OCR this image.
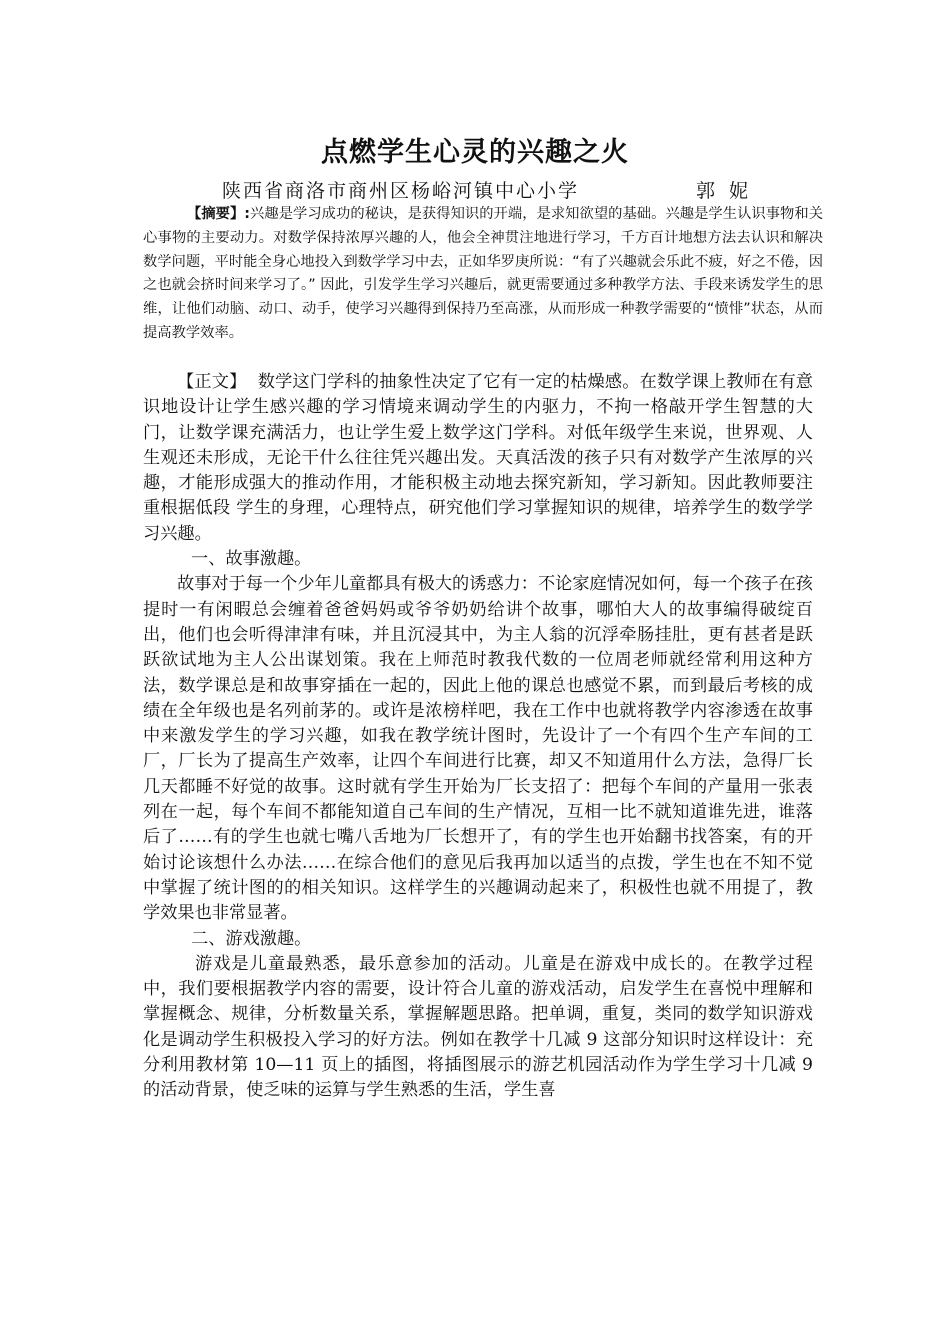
点燃学生心灵的兴趣之火
陕西省商洛市商州区杨峪河镇中心小学	郭妮

【摘要】:兴趣是学习成功的秘诀，是获得知识的开端，是求知欲望的基础。兴趣是学生认识事物和关心事物的主要动力。对数学保持浓厚兴趣的人，他会全神贯注地进行学习，千方百计地想方法去认识和解决数学问题，平时能全身心地投入到数学学习中去，正如华罗庚所说：“有了兴趣就会乐此不疲，好之不倦，因之也就会挤时间来学习了。” 因此，引发学生学习兴趣后，就更需要通过多种教学方法、手段来诱发学生的思维，让他们动脑、动口、动手，使学习兴趣得到保持乃至高涨，从而形成一种教学需要的“愤悱”状态，从而提高教学效率。

【正文】 数学这门学科的抽象性决定了它有一定的枯燥感。在数学课上教师在有意识地设计让学生感兴趣的学习情境来调动学生的内驱力，不拘一格敲开学生智慧的大门，让数学课充满活力，也让学生爱上数学这门学科。对低年级学生来说，世界观、人生观还未形成，无论干什么往往凭兴趣出发。天真活泼的孩子只有对数学产生浓厚的兴趣，才能形成强大的推动作用，才能积极主动地去探究新知，学习新知。因此教师要注重根据低段 学生的身理，心理特点，研究他们学习掌握知识的规律，培养学生的数学学习兴趣。

一、故事激趣。

故事对于每一个少年儿童都具有极大的诱惑力：不论家庭情况如何，每一个孩子在孩提时一有闲暇总会缠着爸爸妈妈或爷爷奶奶给讲个故事，哪怕大人的故事编得破绽百出，他们也会听得津津有味，并且沉浸其中，为主人翁的沉浮牵肠挂肚，更有甚者是跃跃欲试地为主人公出谋划策。我在上师范时教我代数的一位周老师就经常利用这种方法，数学课总是和故事穿插在一起的，因此上他的课总也感觉不累，而到最后考核的成绩在全年级也是名列前茅的。或许是浓榜样吧，我在工作中也就将教学内容渗透在故事中来激发学生的学习兴趣，如我在教学统计图时，先设计了一个有四个生产车间的工厂，厂长为了提高生产效率，让四个车间进行比赛，却又不知道用什么方法，急得厂长几天都睡不好觉的故事。这时就有学生开始为厂长支招了：把每个车间的产量用一张表列在一起，每个车间不都能知道自己车间的生产情况，互相一比不就知道谁先进，谁落后了……有的学生也就七嘴八舌地为厂长想开了，有的学生也开始翻书找答案，有的开始讨论该想什么办法……在综合他们的意见后我再加以适当的点拨，学生也在不知不觉中掌握了统计图的的相关知识。这样学生的兴趣调动起来了，积极性也就不用提了，教学效果也非常显著。

二、游戏激趣。

游戏是儿童最熟悉，最乐意参加的活动。儿童是在游戏中成长的。在教学过程中，我们要根据教学内容的需要，设计符合儿童的游戏活动，启发学生在喜悦中理解和掌握概念、规律，分析数量关系，掌握解题思路。把单调，重复，类同的数学知识游戏化是调动学生积极投入学习的好方法。例如在教学十几减 9 这部分知识时这样设计：充分利用教材第 10—11 页上的插图，将插图展示的游艺机园活动作为学生学习十几减 9 的活动背景，使乏味的运算与学生熟悉的生活，学生喜
